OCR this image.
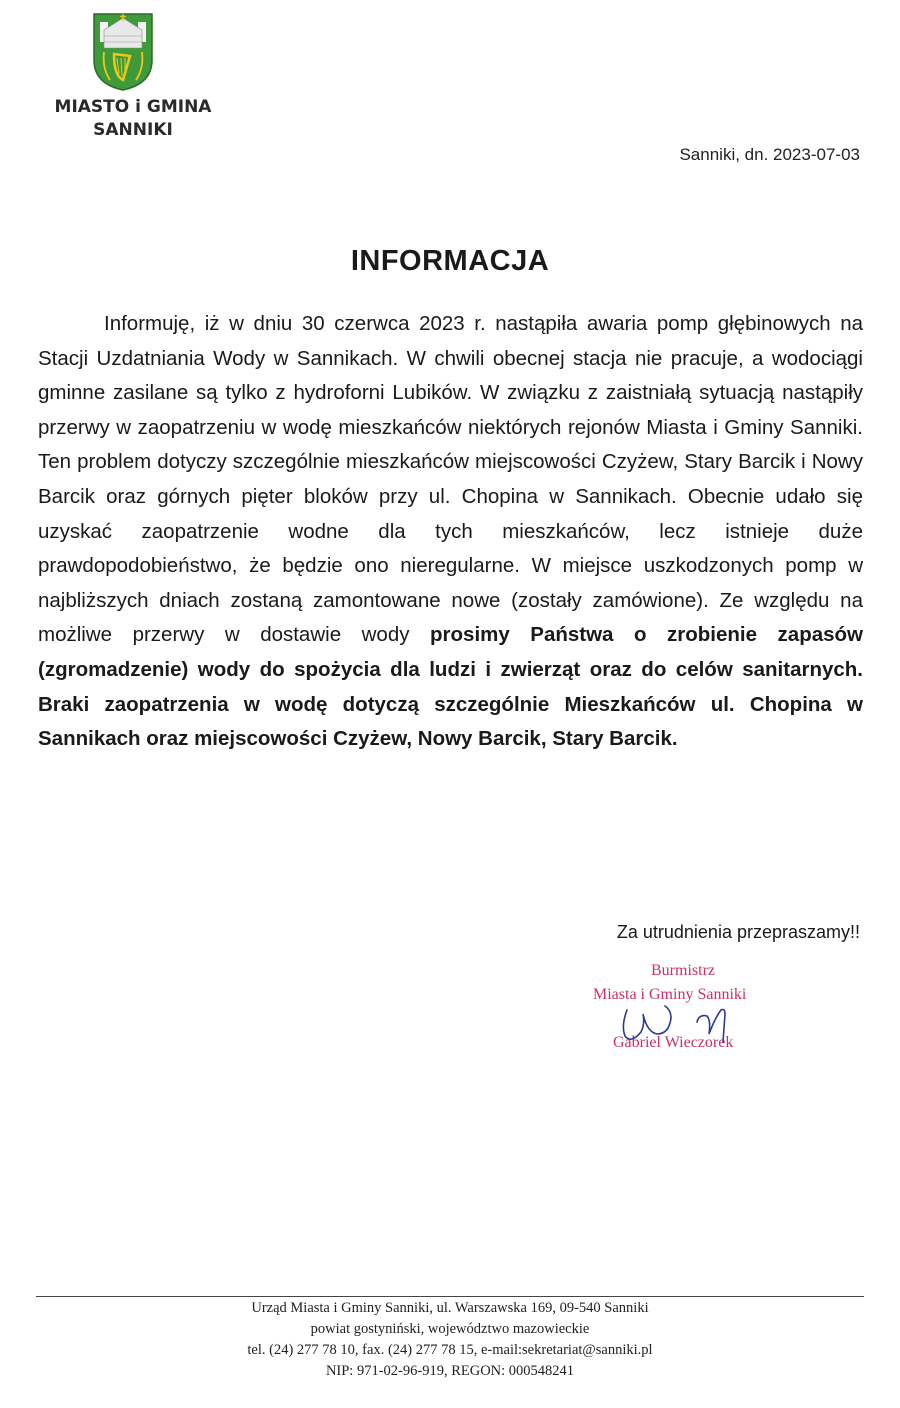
MIASTO i GMINA
SANNIKI
Sanniki, dn. 2023-07-03
INFORMACJA
Informuję, iż w dniu 30 czerwca 2023 r. nastąpiła awaria pomp głębinowych na Stacji Uzdatniania Wody w Sannikach. W chwili obecnej stacja nie pracuje, a wodociągi gminne zasilane są tylko z hydroforni Lubików. W związku z zaistniałą sytuacją nastąpiły przerwy w zaopatrzeniu w wodę mieszkańców niektórych rejonów Miasta i Gminy Sanniki. Ten problem dotyczy szczególnie mieszkańców miejscowości Czyżew, Stary Barcik i Nowy Barcik oraz górnych pięter bloków przy ul. Chopina w Sannikach. Obecnie udało się uzyskać zaopatrzenie wodne dla tych mieszkańców, lecz istnieje duże prawdopodobieństwo, że będzie ono nieregularne. W miejsce uszkodzonych pomp w najbliższych dniach zostaną zamontowane nowe (zostały zamówione). Ze względu na możliwe przerwy w dostawie wody prosimy Państwa o zrobienie zapasów (zgromadzenie) wody do spożycia dla ludzi i zwierząt oraz do celów sanitarnych. Braki zaopatrzenia w wodę dotyczą szczególnie Mieszkańców ul. Chopina w Sannikach oraz miejscowości Czyżew, Nowy Barcik, Stary Barcik.
Za utrudnienia przepraszamy!!
Burmistrz
Miasta i Gminy Sanniki
Gabriel Wieczorek
Urząd Miasta i Gminy Sanniki, ul. Warszawska 169, 09-540 Sanniki
powiat gostyniński, województwo mazowieckie
tel. (24) 277 78 10, fax. (24) 277 78 15, e-mail:sekretariat@sanniki.pl
NIP: 971-02-96-919, REGON: 000548241
